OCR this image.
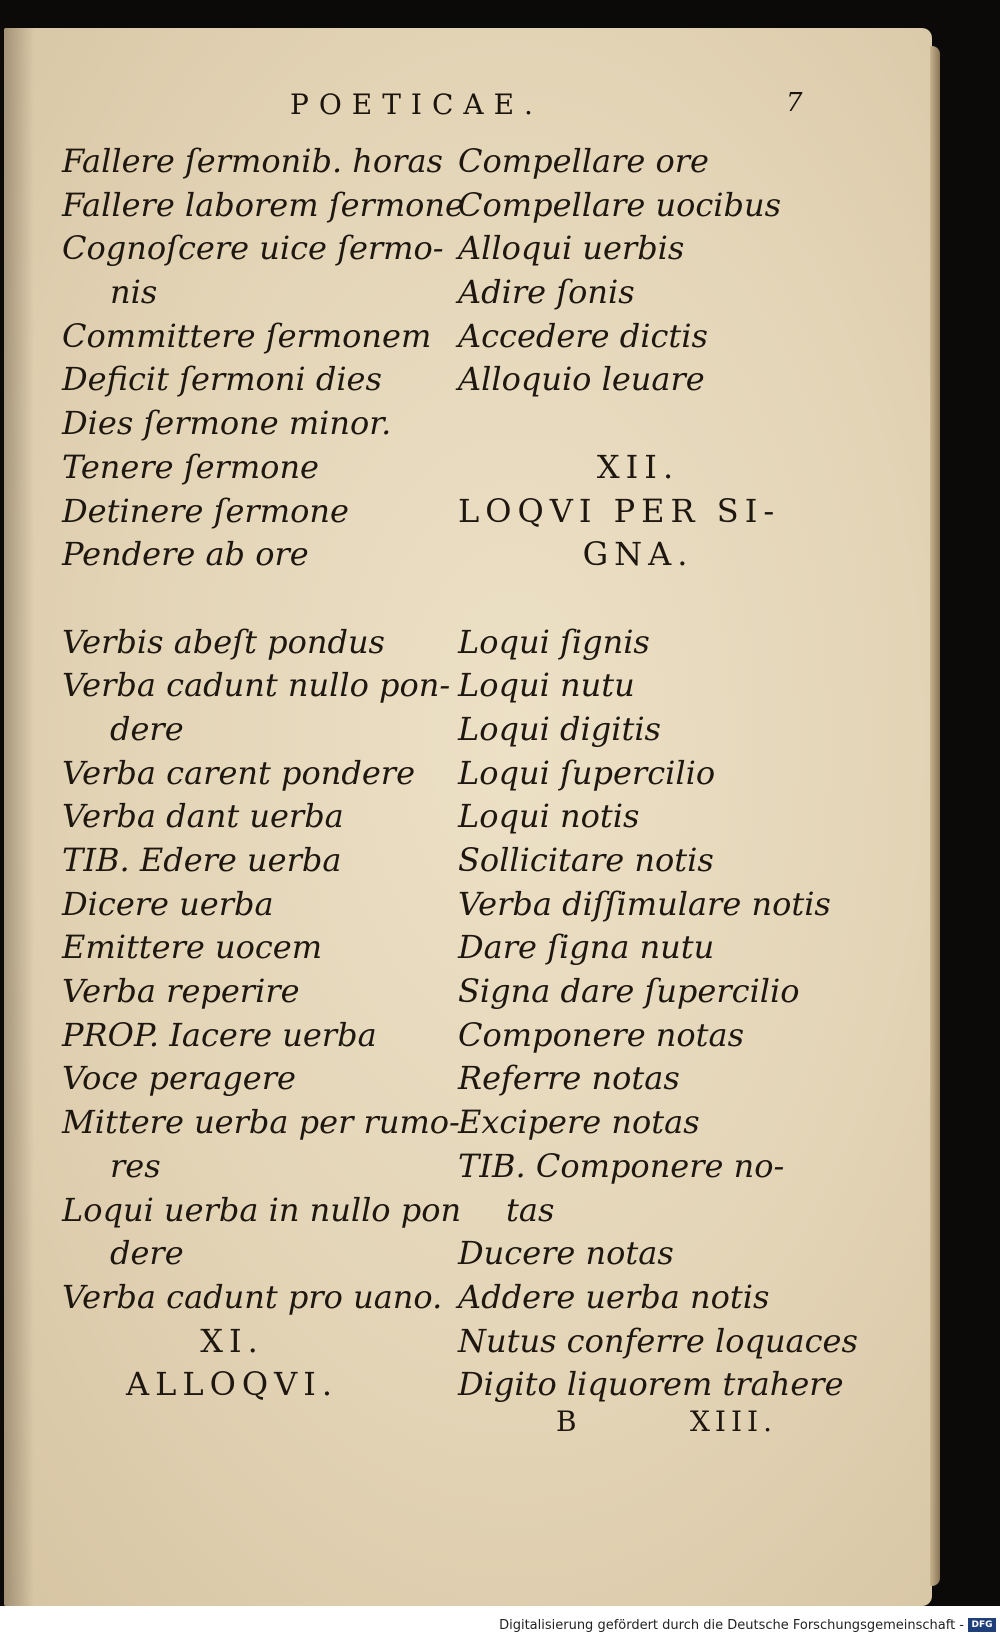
POETICAE.	7
Fallere ſermonib. horas
Fallere laborem ſermone
Cognoſcere uice ſermo-
nis
Committere ſermonem
Deficit ſermoni dies
Dies ſermone minor.
Tenere ſermone
Detinere ſermone
Pendere ab ore
Verbis abeſt pondus
Verba cadunt nullo pon-
dere
Verba carent pondere
Verba dant uerba
TIB. Edere uerba
Dicere uerba
Emittere uocem
Verba reperire
PROP. Iacere uerba
Voce peragere
Mittere uerba per rumo-
res
Loqui uerba in nullo pon
dere
Verba cadunt pro uano.
XI.
ALLOQVI.
Compellare ore
Compellare uocibus
Alloqui uerbis
Adire ſonis
Accedere dictis
Alloquio leuare
XII.
LOQVI PER SI-
GNA.
Loqui ſignis
Loqui nutu
Loqui digitis
Loqui ſupercilio
Loqui notis
Sollicitare notis
Verba diſſimulare notis
Dare ſigna nutu
Signa dare ſupercilio
Componere notas
Referre notas
Excipere notas
TIB. Componere no-
tas
Ducere notas
Addere uerba notis
Nutus conferre loquaces
Digito liquorem trahere
B	XIII.
Digitalisierung gefördert durch die Deutsche Forschungsgemeinschaft - DFG
